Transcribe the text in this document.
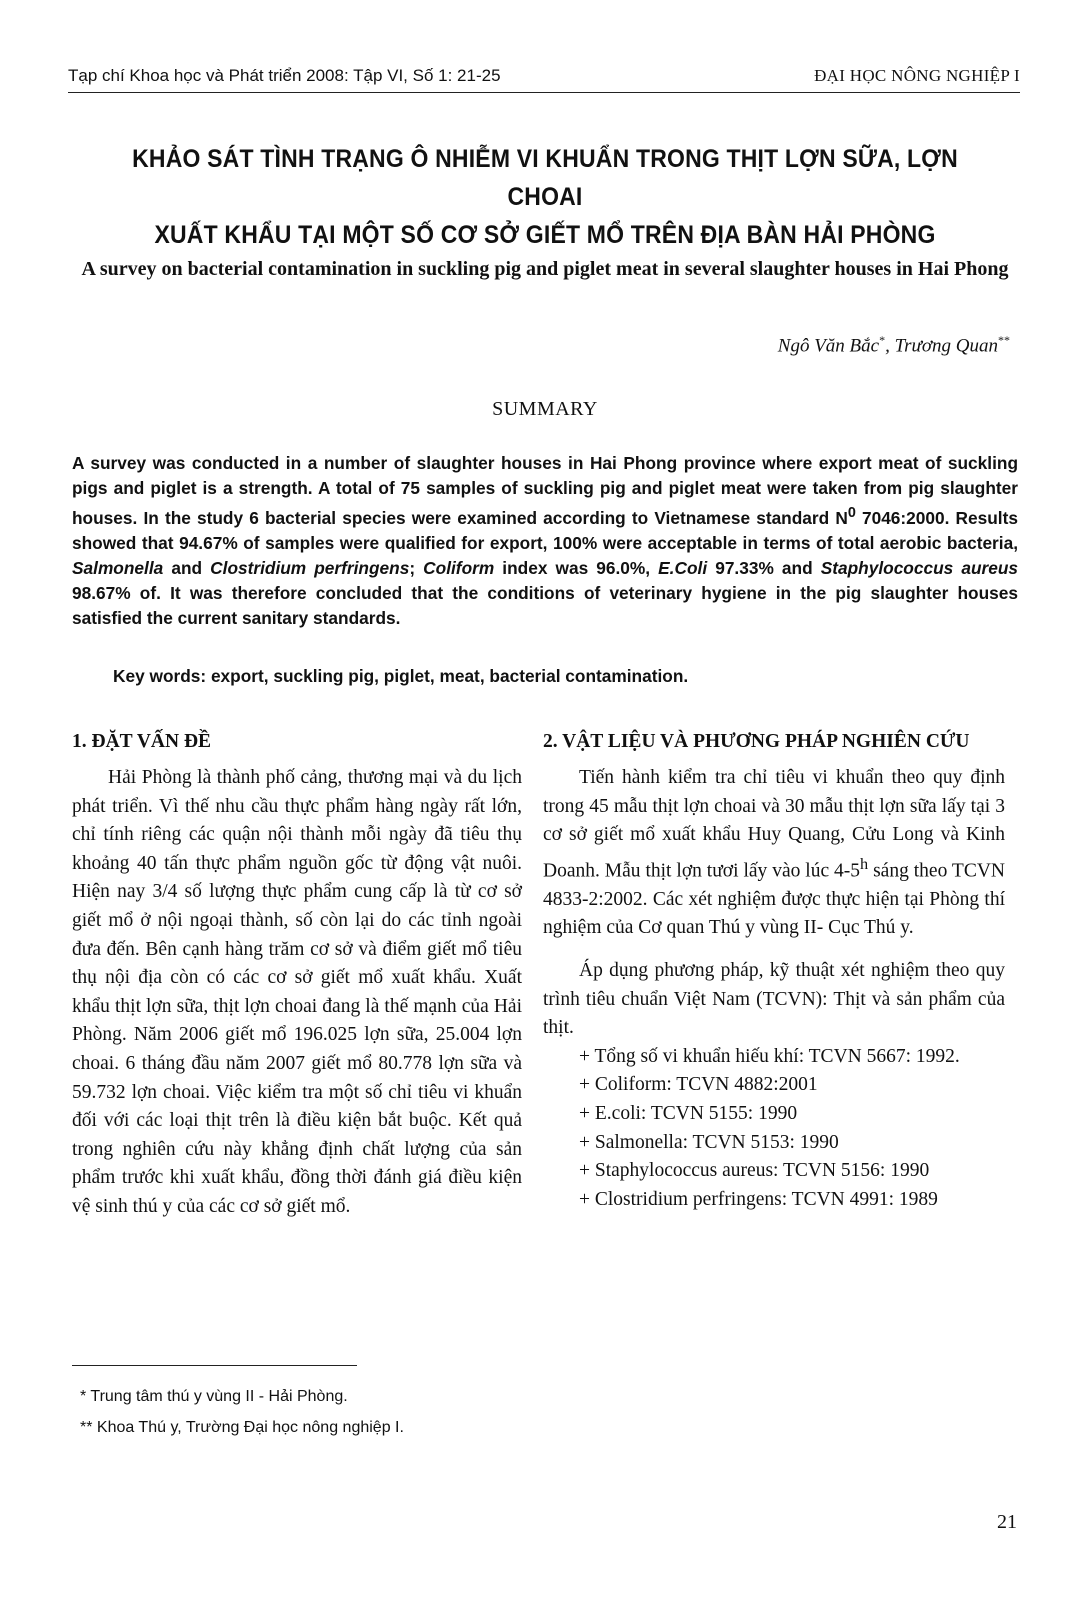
Tạp chí Khoa học và Phát triển 2008: Tập VI, Số 1: 21-25	ĐẠI HỌC NÔNG NGHIỆP I
KHẢO SÁT TÌNH TRẠNG Ô NHIỄM VI KHUẨN TRONG THỊT LỢN SỮA, LỢN CHOAI
XUẤT KHẨU TẠI MỘT SỐ CƠ SỞ GIẾT MỔ TRÊN ĐỊA BÀN HẢI PHÒNG
A survey on bacterial contamination in suckling pig and piglet meat in several slaughter houses in Hai Phong
Ngô Văn Bắc*, Trương Quan**
SUMMARY
A survey was conducted in a number of slaughter houses in Hai Phong province where export meat of suckling pigs and piglet is a strength. A total of 75 samples of suckling pig and piglet meat were taken from pig slaughter houses. In the study 6 bacterial species were examined according to Vietnamese standard $N^0$ 7046:2000. Results showed that 94.67% of samples were qualified for export, 100% were acceptable in terms of total aerobic bacteria, Salmonella and Clostridium perfringens; Coliform index was 96.0%, E.Coli 97.33% and Staphylococcus aureus 98.67% of. It was therefore concluded that the conditions of veterinary hygiene in the pig slaughter houses satisfied the current sanitary standards.
Key words: export, suckling pig, piglet, meat, bacterial contamination.
1. ĐẶT VẤN ĐỀ

Hải Phòng là thành phố cảng, thương mại và du lịch phát triển. Vì thế nhu cầu thực phẩm hàng ngày rất lớn, chỉ tính riêng các quận nội thành mỗi ngày đã tiêu thụ khoảng 40 tấn thực phẩm nguồn gốc từ động vật nuôi. Hiện nay 3/4 số lượng thực phẩm cung cấp là từ cơ sở giết mổ ở nội ngoại thành, số còn lại do các tỉnh ngoài đưa đến. Bên cạnh hàng trăm cơ sở và điểm giết mổ tiêu thụ nội địa còn có các cơ sở giết mổ xuất khẩu. Xuất khẩu thịt lợn sữa, thịt lợn choai đang là thế mạnh của Hải Phòng. Năm 2006 giết mổ 196.025 lợn sữa, 25.004 lợn choai. 6 tháng đầu năm 2007 giết mổ 80.778 lợn sữa và 59.732 lợn choai. Việc kiểm tra một số chỉ tiêu vi khuẩn đối với các loại thịt trên là điều kiện bắt buộc. Kết quả trong nghiên cứu này khẳng định chất lượng của sản phẩm trước khi xuất khẩu, đồng thời đánh giá điều kiện vệ sinh thú y của các cơ sở giết mổ.

2. VẬT LIỆU VÀ PHƯƠNG PHÁP NGHIÊN CỨU

Tiến hành kiểm tra chỉ tiêu vi khuẩn theo quy định trong 45 mẫu thịt lợn choai và 30 mẫu thịt lợn sữa lấy tại 3 cơ sở giết mổ xuất khẩu Huy Quang, Cửu Long và Kinh Doanh. Mẫu thịt lợn tươi lấy vào lúc 4-5$^h$ sáng theo TCVN 4833-2:2002. Các xét nghiệm được thực hiện tại Phòng thí nghiệm của Cơ quan Thú y vùng II- Cục Thú y.

Áp dụng phương pháp, kỹ thuật xét nghiệm theo quy trình tiêu chuẩn Việt Nam (TCVN): Thịt và sản phẩm của thịt.

+ Tổng số vi khuẩn hiếu khí: TCVN 5667: 1992.

+ Coliform: TCVN 4882:2001

+ E.coli: TCVN 5155: 1990

+ Salmonella: TCVN 5153: 1990

+ Staphylococcus aureus: TCVN 5156: 1990

+ Clostridium perfringens: TCVN 4991: 1989

* Trung tâm thú y vùng II - Hải Phòng.
** Khoa Thú y, Trường Đại học nông nghiệp I.
21
